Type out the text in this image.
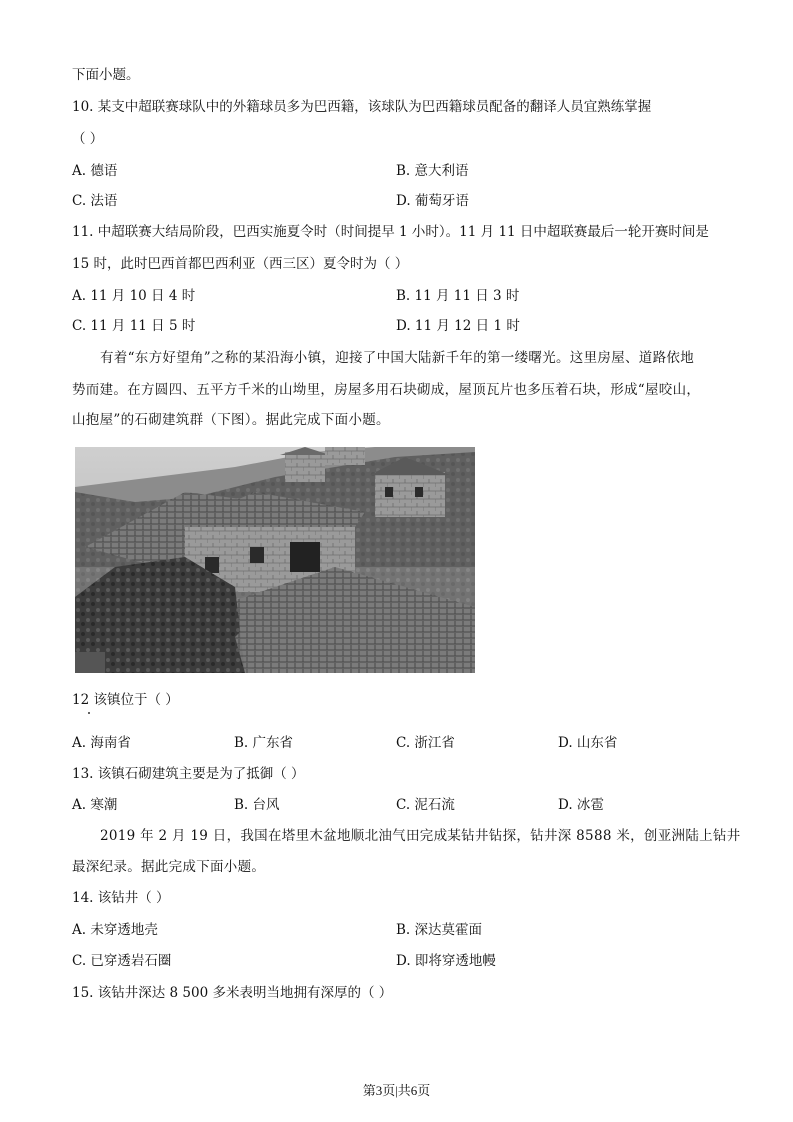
下面小题。
10. 某支中超联赛球队中的外籍球员多为巴西籍，该球队为巴西籍球员配备的翻译人员宜熟练掌握
（ ）
A. 德语	B. 意大利语
C. 法语	D. 葡萄牙语
11. 中超联赛大结局阶段，巴西实施夏令时（时间提早 1 小时）。11 月 11 日中超联赛最后一轮开赛时间是
15 时，此时巴西首都巴西利亚（西三区）夏令时为（ ）
A. 11 月 10 日 4 时	B. 11 月 11 日 3 时
C. 11 月 11 日 5 时	D. 11 月 12 日 1 时
有着“东方好望角”之称的某沿海小镇，迎接了中国大陆新千年的第一缕曙光。这里房屋、道路依地
势而建。在方圆四、五平方千米的山坳里，房屋多用石块砌成，屋顶瓦片也多压着石块，形成“屋咬山，
山抱屋”的石砌建筑群（下图）。据此完成下面小题。
12 该镇位于（ ）
A. 海南省	B. 广东省	C. 浙江省	D. 山东省
13. 该镇石砌建筑主要是为了抵御（ ）
A. 寒潮	B. 台风	C. 泥石流	D. 冰雹
2019 年 2 月 19 日，我国在塔里木盆地顺北油气田完成某钻井钻探，钻井深 8588 米，创亚洲陆上钻井
最深纪录。据此完成下面小题。
14. 该钻井（ ）
A. 未穿透地壳	B. 深达莫霍面
C. 已穿透岩石圈	D. 即将穿透地幔
15. 该钻井深达 8 500 多米表明当地拥有深厚的（ ）
第3页|共6页
